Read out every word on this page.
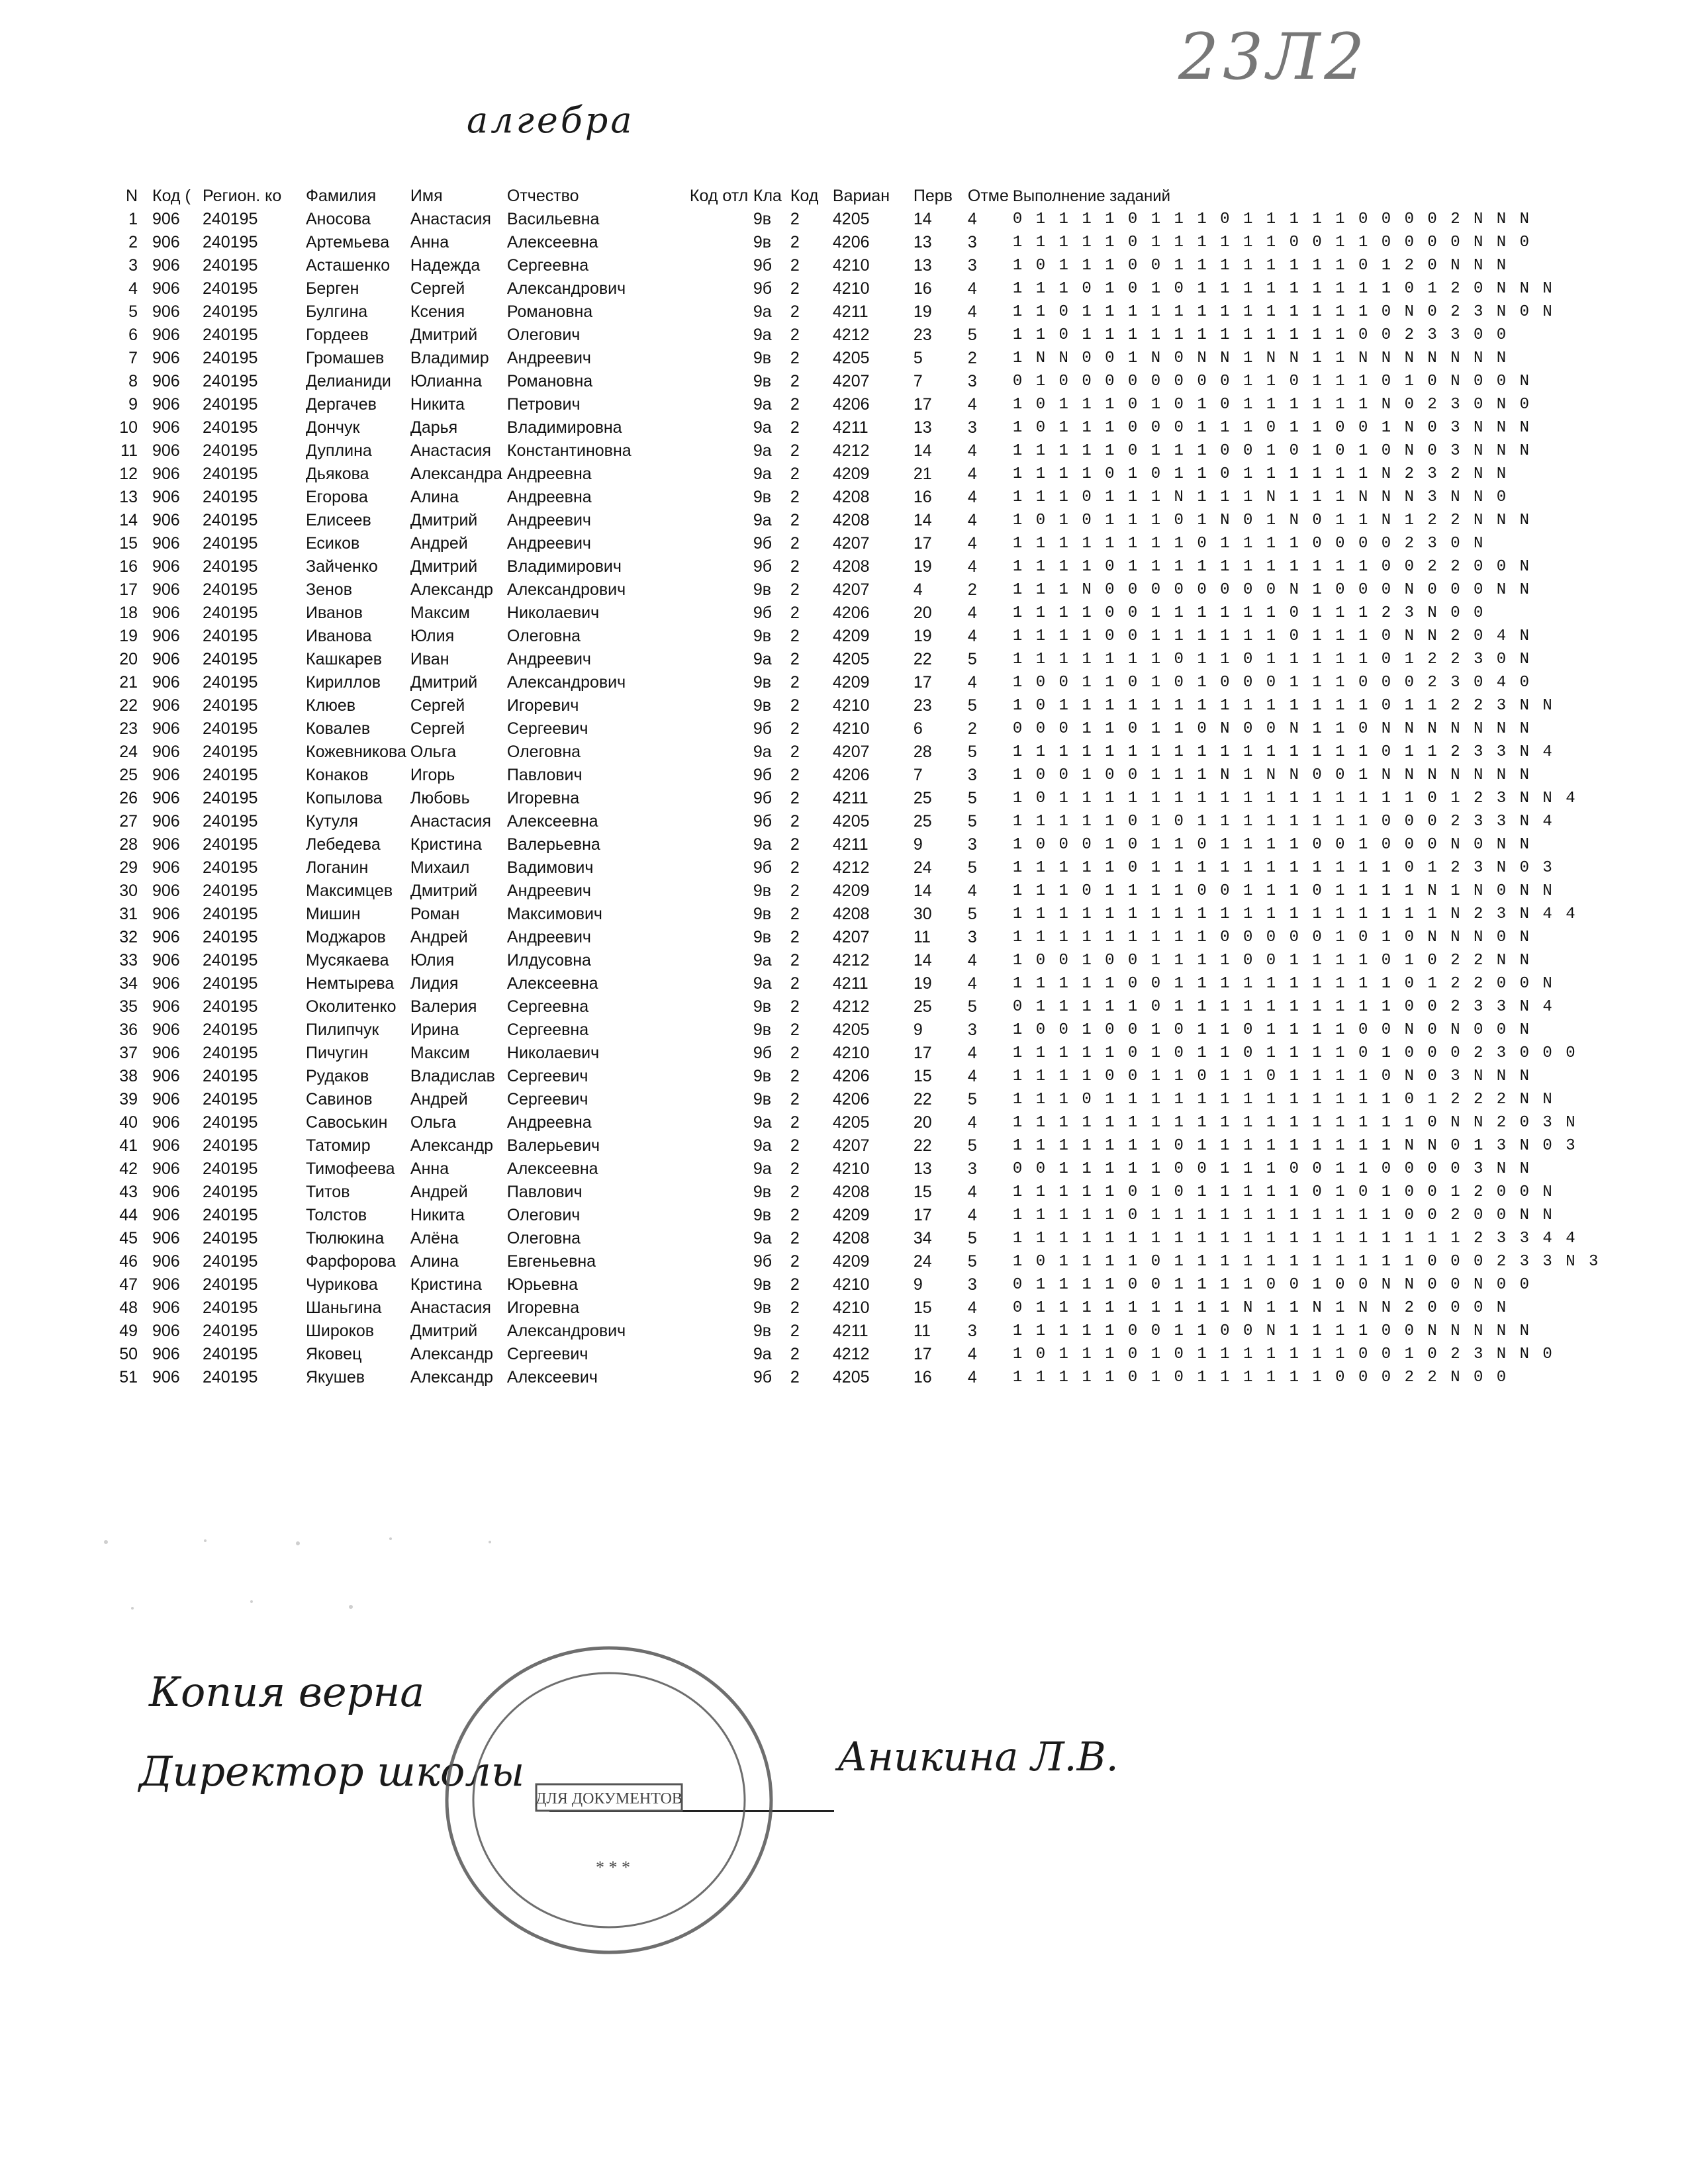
23Л2
алгебра
N	Код (	Регион. ко	Фамилия	Имя	Отчество	Код отл	Кла	Код	Вариан	Перв	Отме	Выполнение заданий
1	906	240195	Аносова	Анастасия	Васильевна		9в	2	4205	14	4	0 1 1 1 1 0 1 1 1 0 1 1 1 1 1 0 0 0 0 2 N N N
2	906	240195	Артемьева	Анна	Алексеевна		9в	2	4206	13	3	1 1 1 1 1 0 1 1 1 1 1 1 0 0 1 1 0 0 0 0 N N 0
3	906	240195	Асташенко	Надежда	Сергеевна		9б	2	4210	13	3	1 0 1 1 1 0 0 1 1 1 1 1 1 1 1 0 1 2 0 N N N
4	906	240195	Берген	Сергей	Александрович		9б	2	4210	16	4	1 1 1 0 1 0 1 0 1 1 1 1 1 1 1 1 1 0 1 2 0 N N N
5	906	240195	Булгина	Ксения	Романовна		9а	2	4211	19	4	1 1 0 1 1 1 1 1 1 1 1 1 1 1 1 1 0 N 0 2 3 N 0 N
6	906	240195	Гордеев	Дмитрий	Олегович		9а	2	4212	23	5	1 1 0 1 1 1 1 1 1 1 1 1 1 1 1 0 0 2 3 3 0 0
7	906	240195	Громашев	Владимир	Андреевич		9в	2	4205	5	2	1 N N 0 0 1 N 0 N N 1 N N 1 1 N N N N N N N
8	906	240195	Делианиди	Юлианна	Романовна		9в	2	4207	7	3	0 1 0 0 0 0 0 0 0 0 1 1 0 1 1 1 0 1 0 N 0 0 N
9	906	240195	Дергачев	Никита	Петрович		9а	2	4206	17	4	1 0 1 1 1 0 1 0 1 0 1 1 1 1 1 1 N 0 2 3 0 N 0
10	906	240195	Дончук	Дарья	Владимировна		9а	2	4211	13	3	1 0 1 1 1 0 0 0 1 1 1 0 1 1 0 0 1 N 0 3 N N N
11	906	240195	Дуплина	Анастасия	Константиновна		9а	2	4212	14	4	1 1 1 1 1 0 1 1 1 0 0 1 0 1 0 1 0 N 0 3 N N N
12	906	240195	Дьякова	Александра	Андреевна		9а	2	4209	21	4	1 1 1 1 0 1 0 1 1 0 1 1 1 1 1 1 N 2 3 2 N N
13	906	240195	Егорова	Алина	Андреевна		9в	2	4208	16	4	1 1 1 0 1 1 1 N 1 1 1 N 1 1 1 N N N 3 N N 0
14	906	240195	Елисеев	Дмитрий	Андреевич		9а	2	4208	14	4	1 0 1 0 1 1 1 0 1 N 0 1 N 0 1 1 N 1 2 2 N N N
15	906	240195	Есиков	Андрей	Андреевич		9б	2	4207	17	4	1 1 1 1 1 1 1 1 0 1 1 1 1 0 0 0 0 2 3 0 N
16	906	240195	Зайченко	Дмитрий	Владимирович		9б	2	4208	19	4	1 1 1 1 0 1 1 1 1 1 1 1 1 1 1 1 0 0 2 2 0 0 N
17	906	240195	Зенов	Александр	Александрович		9в	2	4207	4	2	1 1 1 N 0 0 0 0 0 0 0 0 N 1 0 0 0 N 0 0 0 N N
18	906	240195	Иванов	Максим	Николаевич		9б	2	4206	20	4	1 1 1 1 0 0 1 1 1 1 1 1 0 1 1 1 2 3 N 0 0
19	906	240195	Иванова	Юлия	Олеговна		9в	2	4209	19	4	1 1 1 1 0 0 1 1 1 1 1 1 0 1 1 1 0 N N 2 0 4 N
20	906	240195	Кашкарев	Иван	Андреевич		9а	2	4205	22	5	1 1 1 1 1 1 1 0 1 1 0 1 1 1 1 1 0 1 2 2 3 0 N
21	906	240195	Кириллов	Дмитрий	Александрович		9в	2	4209	17	4	1 0 0 1 1 0 1 0 1 0 0 0 1 1 1 0 0 0 2 3 0 4 0
22	906	240195	Клюев	Сергей	Игоревич		9в	2	4210	23	5	1 0 1 1 1 1 1 1 1 1 1 1 1 1 1 1 0 1 1 2 2 3 N N
23	906	240195	Ковалев	Сергей	Сергеевич		9б	2	4210	6	2	0 0 0 1 1 0 1 1 0 N 0 0 N 1 1 0 N N N N N N N
24	906	240195	Кожевникова	Ольга	Олеговна		9а	2	4207	28	5	1 1 1 1 1 1 1 1 1 1 1 1 1 1 1 1 0 1 1 2 3 3 N 4
25	906	240195	Конаков	Игорь	Павлович		9б	2	4206	7	3	1 0 0 1 0 0 1 1 1 N 1 N N 0 0 1 N N N N N N N
26	906	240195	Копылова	Любовь	Игоревна		9б	2	4211	25	5	1 0 1 1 1 1 1 1 1 1 1 1 1 1 1 1 1 1 0 1 2 3 N N 4
27	906	240195	Кутуля	Анастасия	Алексеевна		9б	2	4205	25	5	1 1 1 1 1 0 1 0 1 1 1 1 1 1 1 1 0 0 0 2 3 3 N 4
28	906	240195	Лебедева	Кристина	Валерьевна		9а	2	4211	9	3	1 0 0 0 1 0 1 1 0 1 1 1 1 0 0 1 0 0 0 N 0 N N
29	906	240195	Логанин	Михаил	Вадимович		9б	2	4212	24	5	1 1 1 1 1 0 1 1 1 1 1 1 1 1 1 1 1 0 1 2 3 N 0 3
30	906	240195	Максимцев	Дмитрий	Андреевич		9в	2	4209	14	4	1 1 1 0 1 1 1 1 0 0 1 1 1 0 1 1 1 1 N 1 N 0 N N
31	906	240195	Мишин	Роман	Максимович		9в	2	4208	30	5	1 1 1 1 1 1 1 1 1 1 1 1 1 1 1 1 1 1 1 N 2 3 N 4 4
32	906	240195	Моджаров	Андрей	Андреевич		9в	2	4207	11	3	1 1 1 1 1 1 1 1 1 0 0 0 0 0 1 0 1 0 N N N 0 N
33	906	240195	Мусякаева	Юлия	Илдусовна		9а	2	4212	14	4	1 0 0 1 0 0 1 1 1 1 0 0 1 1 1 1 0 1 0 2 2 N N
34	906	240195	Немтырева	Лидия	Алексеевна		9а	2	4211	19	4	1 1 1 1 1 0 0 1 1 1 1 1 1 1 1 1 1 0 1 2 2 0 0 N
35	906	240195	Околитенко	Валерия	Сергеевна		9в	2	4212	25	5	0 1 1 1 1 1 0 1 1 1 1 1 1 1 1 1 1 0 0 2 3 3 N 4
36	906	240195	Пилипчук	Ирина	Сергеевна		9в	2	4205	9	3	1 0 0 1 0 0 1 0 1 1 0 1 1 1 1 0 0 N 0 N 0 0 N
37	906	240195	Пичугин	Максим	Николаевич		9б	2	4210	17	4	1 1 1 1 1 0 1 0 1 1 0 1 1 1 1 0 1 0 0 0 2 3 0 0 0
38	906	240195	Рудаков	Владислав	Сергеевич		9в	2	4206	15	4	1 1 1 1 0 0 1 1 0 1 1 0 1 1 1 1 0 N 0 3 N N N
39	906	240195	Савинов	Андрей	Сергеевич		9в	2	4206	22	5	1 1 1 0 1 1 1 1 1 1 1 1 1 1 1 1 1 0 1 2 2 2 N N
40	906	240195	Савоськин	Ольга	Андреевна		9а	2	4205	20	4	1 1 1 1 1 1 1 1 1 1 1 1 1 1 1 1 1 1 0 N N 2 0 3 N
41	906	240195	Татомир	Александр	Валерьевич		9а	2	4207	22	5	1 1 1 1 1 1 1 0 1 1 1 1 1 1 1 1 1 N N 0 1 3 N 0 3
42	906	240195	Тимофеева	Анна	Алексеевна		9а	2	4210	13	3	0 0 1 1 1 1 1 0 0 1 1 1 0 0 1 1 0 0 0 0 3 N N
43	906	240195	Титов	Андрей	Павлович		9в	2	4208	15	4	1 1 1 1 1 0 1 0 1 1 1 1 1 0 1 0 1 0 0 1 2 0 0 N
44	906	240195	Толстов	Никита	Олегович		9в	2	4209	17	4	1 1 1 1 1 0 1 1 1 1 1 1 1 1 1 1 1 0 0 2 0 0 N N
45	906	240195	Тюлюкина	Алёна	Олеговна		9а	2	4208	34	5	1 1 1 1 1 1 1 1 1 1 1 1 1 1 1 1 1 1 1 1 2 3 3 4 4
46	906	240195	Фарфорова	Алина	Евгеньевна		9б	2	4209	24	5	1 0 1 1 1 1 0 1 1 1 1 1 1 1 1 1 1 1 0 0 0 2 3 3 N 3
47	906	240195	Чурикова	Кристина	Юрьевна		9в	2	4210	9	3	0 1 1 1 1 0 0 1 1 1 1 0 0 1 0 0 N N 0 0 N 0 0
48	906	240195	Шаньгина	Анастасия	Игоревна		9в	2	4210	15	4	0 1 1 1 1 1 1 1 1 1 N 1 1 N 1 N N 2 0 0 0 N
49	906	240195	Широков	Дмитрий	Александрович		9в	2	4211	11	3	1 1 1 1 1 0 0 1 1 0 0 N 1 1 1 1 0 0 N N N N N
50	906	240195	Яковец	Александр	Сергеевич		9а	2	4212	17	4	1 0 1 1 1 0 1 0 1 1 1 1 1 1 1 0 0 1 0 2 3 N N 0
51	906	240195	Якушев	Александр	Алексеевич		9б	2	4205	16	4	1 1 1 1 1 0 1 0 1 1 1 1 1 1 0 0 0 2 2 N 0 0
Копия верна
Директор школы	Аникина Л.В.
ДЛЯ ДОКУМЕНТОВ
* * *
